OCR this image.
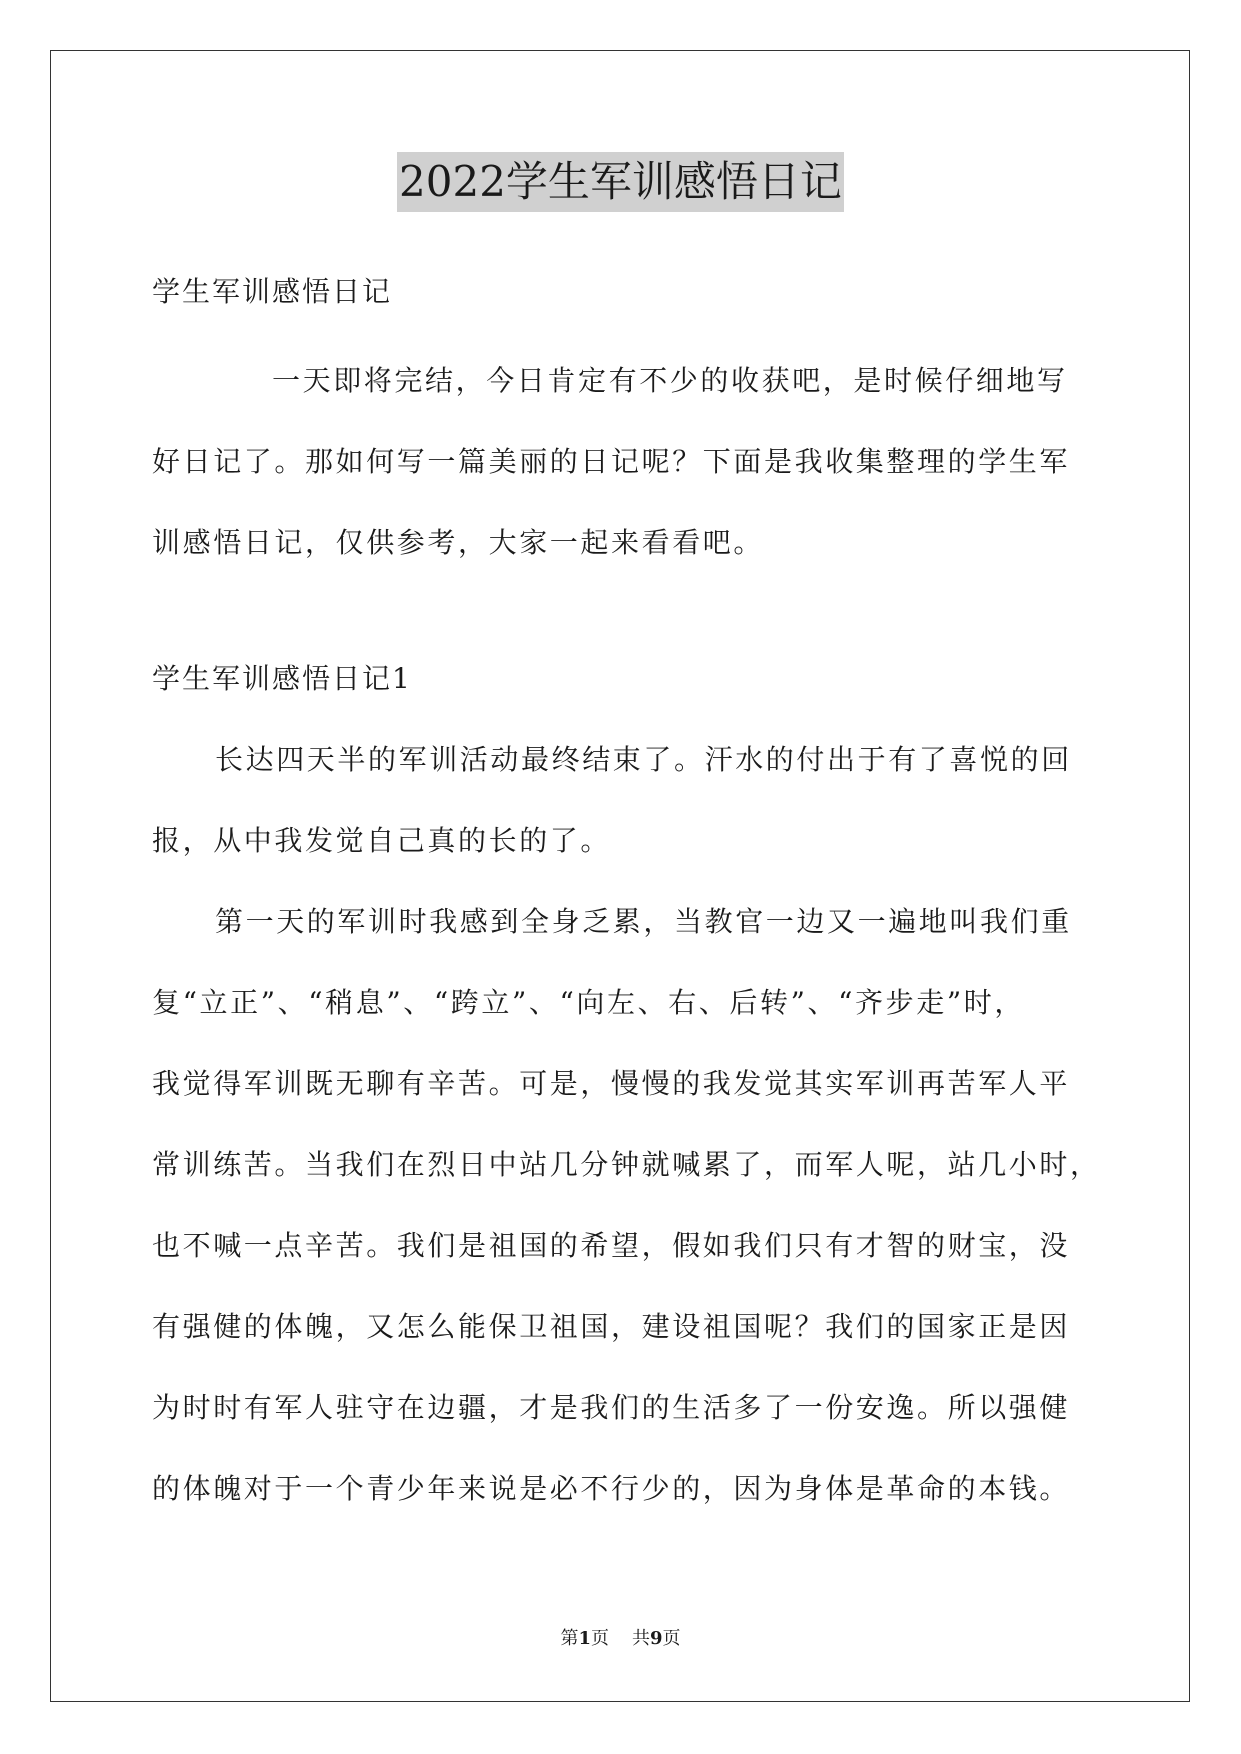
2022学生军训感悟日记
学生军训感悟日记
一天即将完结，今日肯定有不少的收获吧，是时候仔细地写
好日记了。那如何写一篇美丽的日记呢？下面是我收集整理的学生军
训感悟日记，仅供参考，大家一起来看看吧。
学生军训感悟日记1
长达四天半的军训活动最终结束了。汗水的付出于有了喜悦的回
报，从中我发觉自己真的长的了。
第一天的军训时我感到全身乏累，当教官一边又一遍地叫我们重
复“立正”、“稍息”、“跨立”、“向左、右、后转”、“齐步走”时，
我觉得军训既无聊有辛苦。可是，慢慢的我发觉其实军训再苦军人平
常训练苦。当我们在烈日中站几分钟就喊累了，而军人呢，站几小时，
也不喊一点辛苦。我们是祖国的希望，假如我们只有才智的财宝，没
有强健的体魄，又怎么能保卫祖国，建设祖国呢？我们的国家正是因
为时时有军人驻守在边疆，才是我们的生活多了一份安逸。所以强健
的体魄对于一个青少年来说是必不行少的，因为身体是革命的本钱。
第1页 共9页
